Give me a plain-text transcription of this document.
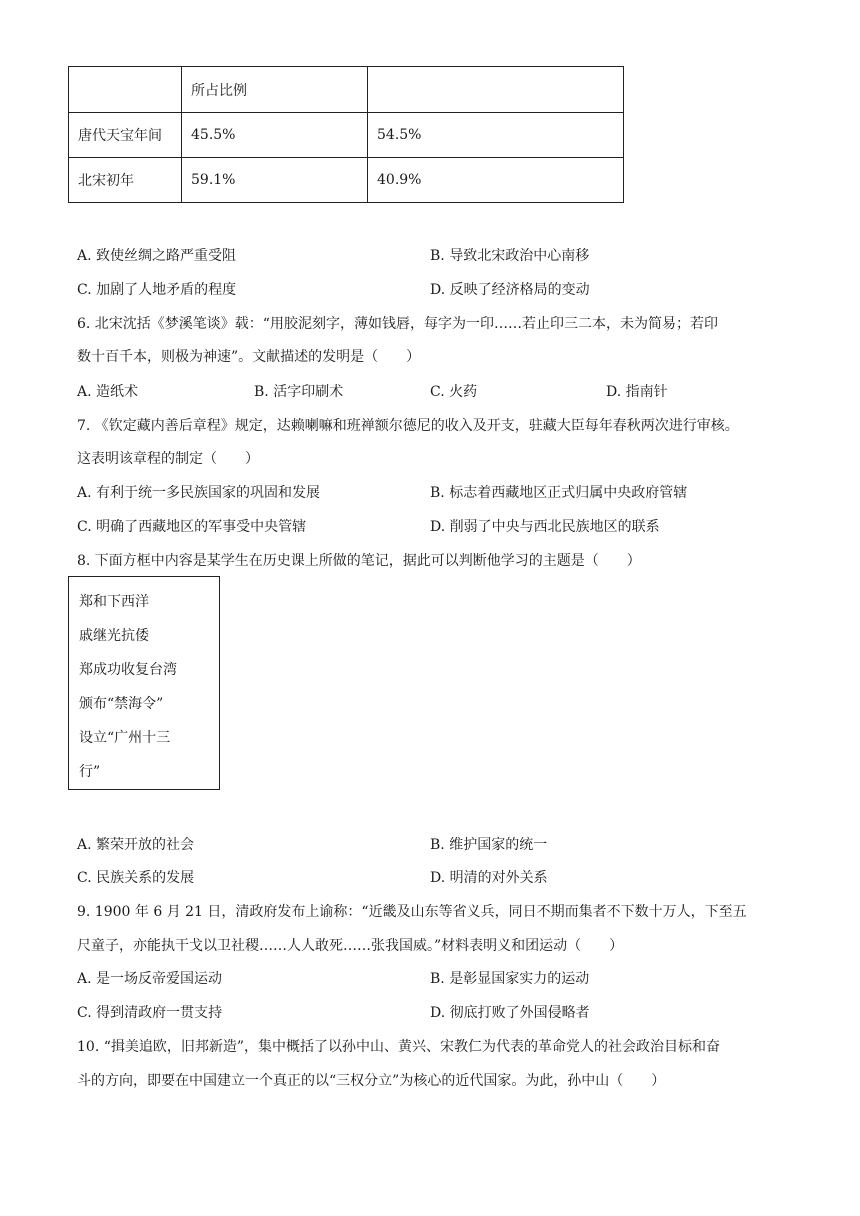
	所占比例	
唐代天宝年间	45.5%	54.5%
北宋初年	59.1%	40.9%
A. 致使丝绸之路严重受阻	B. 导致北宋政治中心南移
C. 加剧了人地矛盾的程度	D. 反映了经济格局的变动
6. 北宋沈括《梦溪笔谈》载：“用胶泥刻字，薄如钱唇，每字为一印……若止印三二本，未为简易；若印
数十百千本，则极为神速”。文献描述的发明是（　　）
A. 造纸术	B. 活字印刷术	C. 火药	D. 指南针
7. 《钦定藏内善后章程》规定，达赖喇嘛和班禅额尔德尼的收入及开支，驻藏大臣每年春秋两次进行审核。
这表明该章程的制定（　　）
A. 有利于统一多民族国家的巩固和发展	B. 标志着西藏地区正式归属中央政府管辖
C. 明确了西藏地区的军事受中央管辖	D. 削弱了中央与西北民族地区的联系
8. 下面方框中内容是某学生在历史课上所做的笔记，据此可以判断他学习的主题是（　　）
郑和下西洋
戚继光抗倭
郑成功收复台湾
颁布“禁海令”
设立“广州十三
行”
A. 繁荣开放的社会	B. 维护国家的统一
C. 民族关系的发展	D. 明清的对外关系
9. 1900 年 6 月 21 日，清政府发布上谕称：“近畿及山东等省义兵，同日不期而集者不下数十万人，下至五
尺童子，亦能执干戈以卫社稷……人人敢死……张我国威。”材料表明义和团运动（　　）
A. 是一场反帝爱国运动	B. 是彰显国家实力的运动
C. 得到清政府一贯支持	D. 彻底打败了外国侵略者
10. “揖美追欧，旧邦新造”，集中概括了以孙中山、黄兴、宋教仁为代表的革命党人的社会政治目标和奋
斗的方向，即要在中国建立一个真正的以“三权分立”为核心的近代国家。为此，孙中山（　　）
